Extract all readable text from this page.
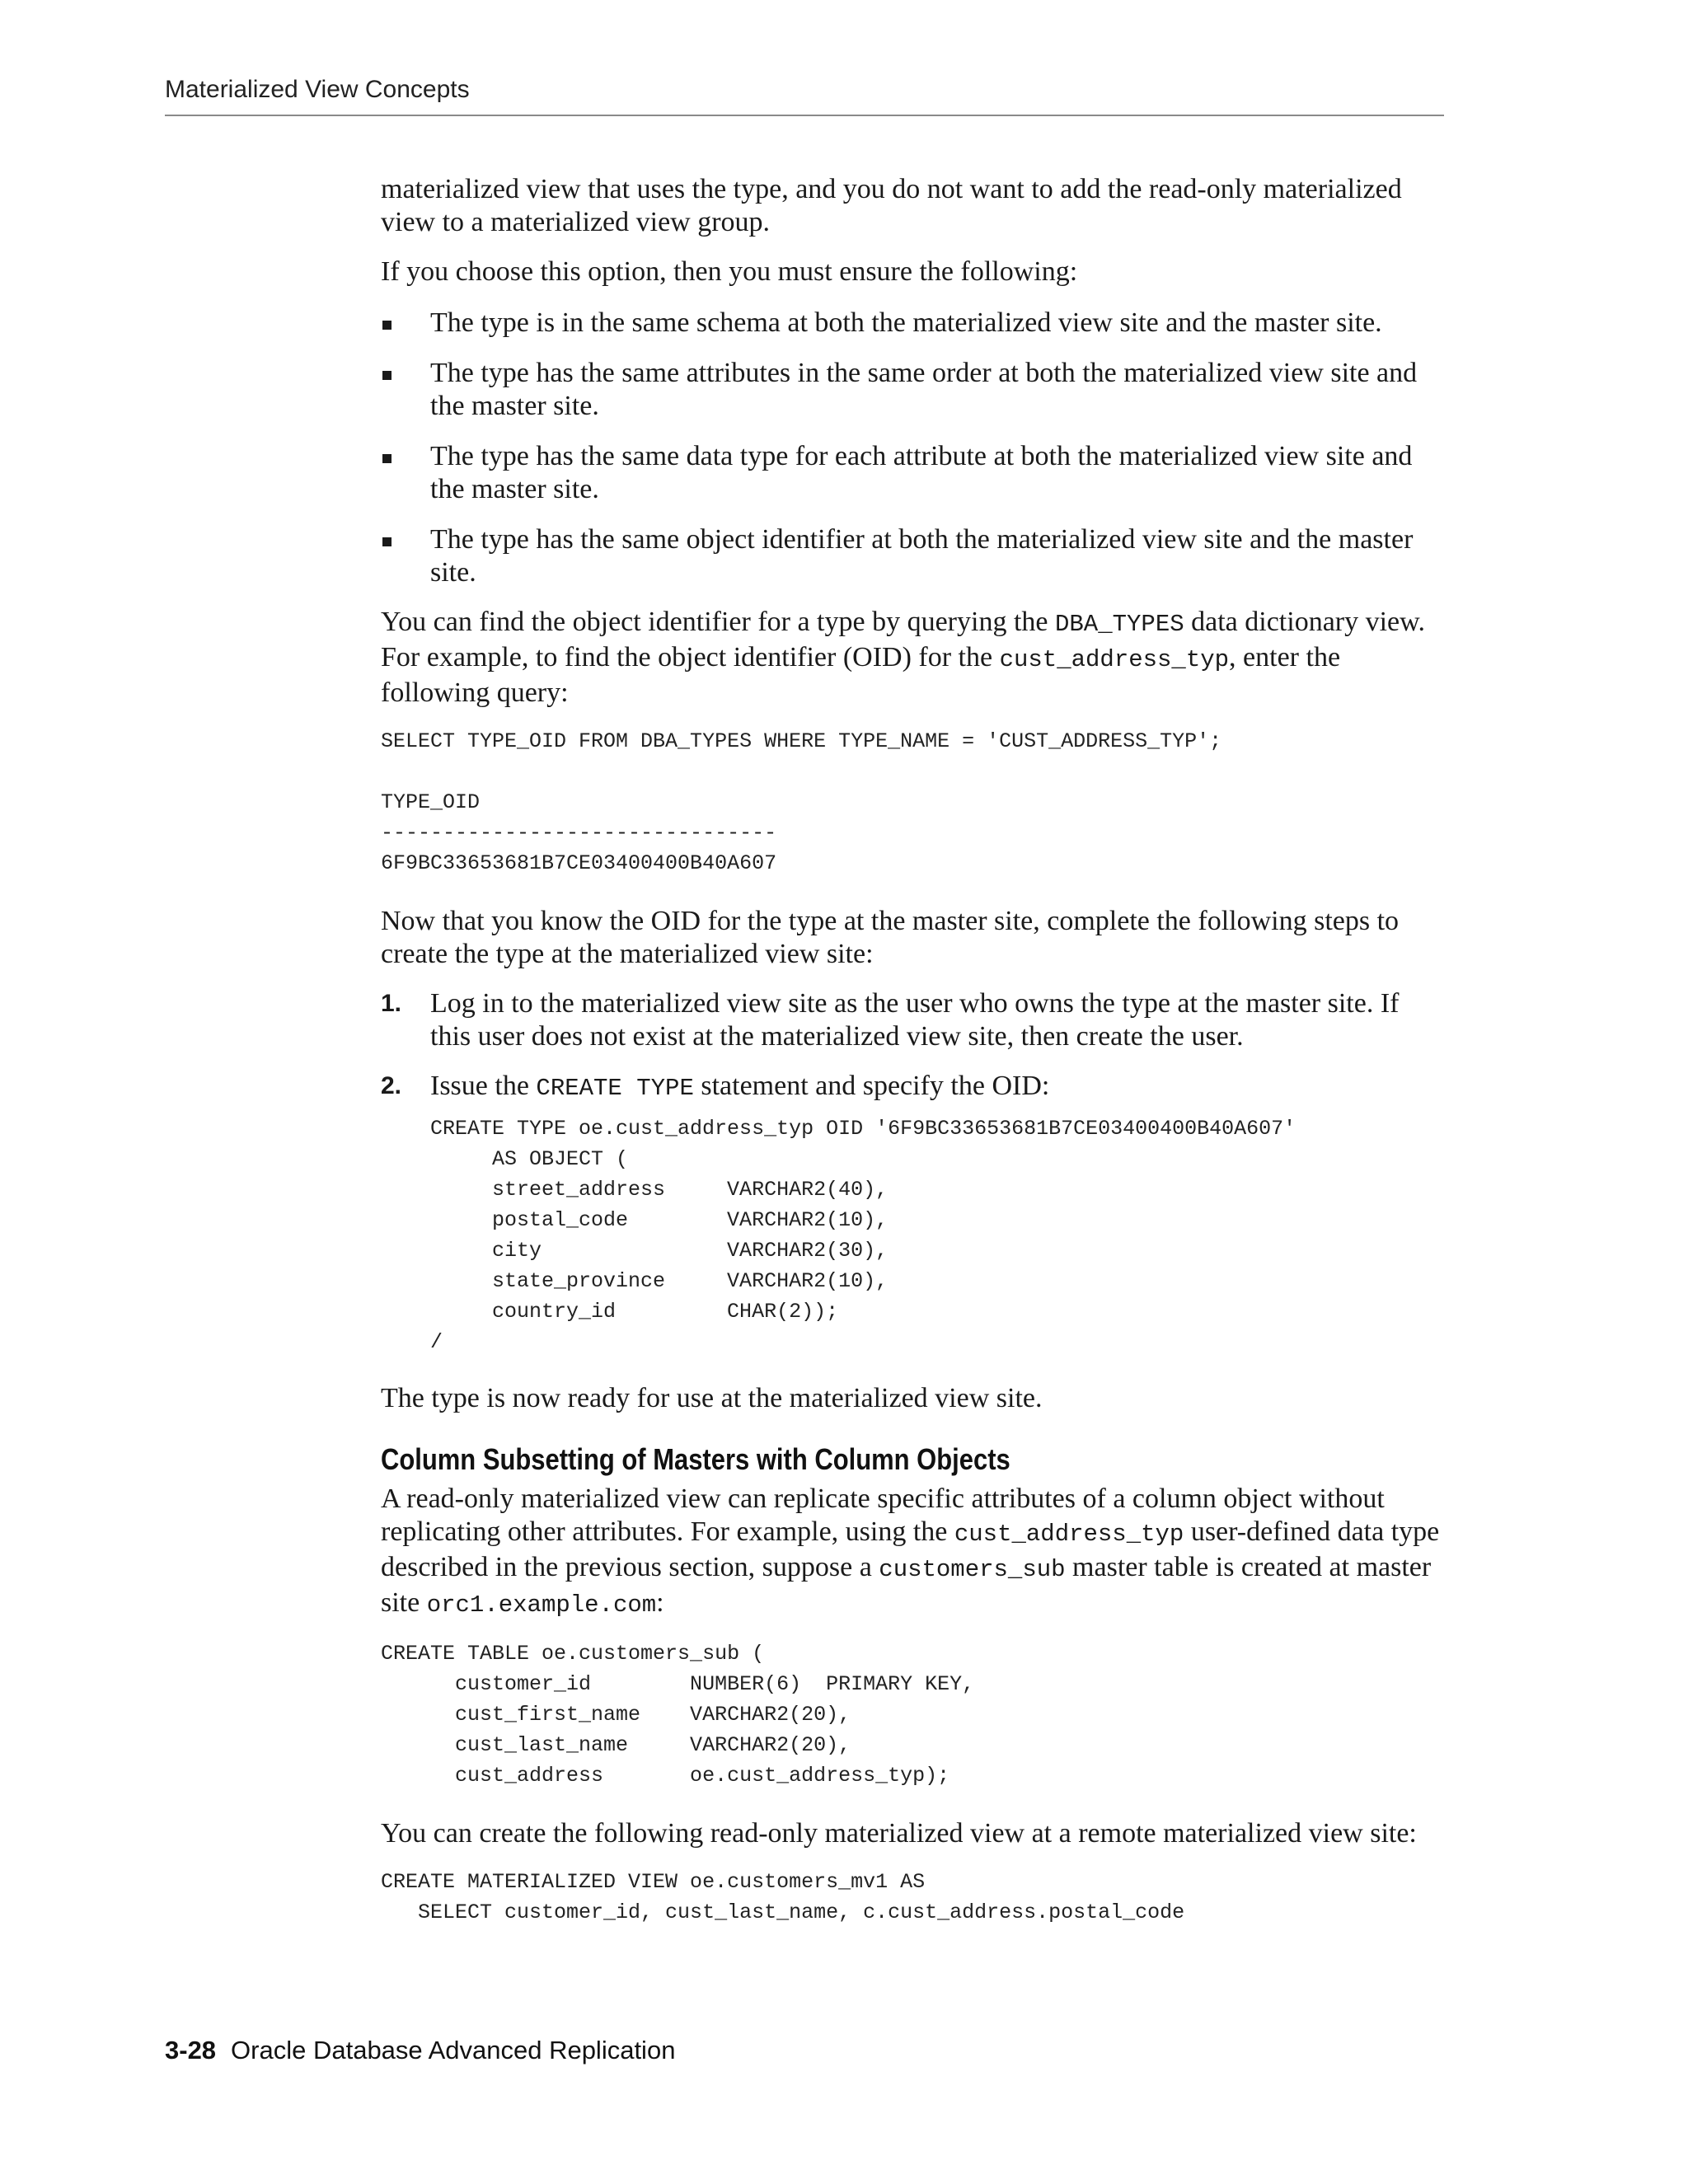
Materialized View Concepts

materialized view that uses the type, and you do not want to add the read-only materialized view to a materialized view group.

If you choose this option, then you must ensure the following:

The type is in the same schema at both the materialized view site and the master site.
The type has the same attributes in the same order at both the materialized view site and the master site.
The type has the same data type for each attribute at both the materialized view site and the master site.
The type has the same object identifier at both the materialized view site and the master site.

You can find the object identifier for a type by querying the DBA_TYPES data dictionary view. For example, to find the object identifier (OID) for the cust_address_typ, enter the following query:

SELECT TYPE_OID FROM DBA_TYPES WHERE TYPE_NAME = 'CUST_ADDRESS_TYP';

TYPE_OID
--------------------------------
6F9BC33653681B7CE03400400B40A607

Now that you know the OID for the type at the master site, complete the following steps to create the type at the materialized view site:

1. Log in to the materialized view site as the user who owns the type at the master site. If this user does not exist at the materialized view site, then create the user.
2. Issue the CREATE TYPE statement and specify the OID:
CREATE TYPE oe.cust_address_typ OID '6F9BC33653681B7CE03400400B40A607'
AS OBJECT (
street_address     VARCHAR2(40),
postal_code        VARCHAR2(10),
city               VARCHAR2(30),
state_province     VARCHAR2(10),
country_id         CHAR(2));
/

The type is now ready for use at the materialized view site.

Column Subsetting of Masters with Column Objects

A read-only materialized view can replicate specific attributes of a column object without replicating other attributes. For example, using the cust_address_typ user-defined data type described in the previous section, suppose a customers_sub master table is created at master site orc1.example.com:

CREATE TABLE oe.customers_sub (
customer_id        NUMBER(6)  PRIMARY KEY,
cust_first_name    VARCHAR2(20),
cust_last_name     VARCHAR2(20),
cust_address       oe.cust_address_typ);

You can create the following read-only materialized view at a remote materialized view site:

CREATE MATERIALIZED VIEW oe.customers_mv1 AS
SELECT customer_id, cust_last_name, c.cust_address.postal_code
3-28 Oracle Database Advanced Replication
